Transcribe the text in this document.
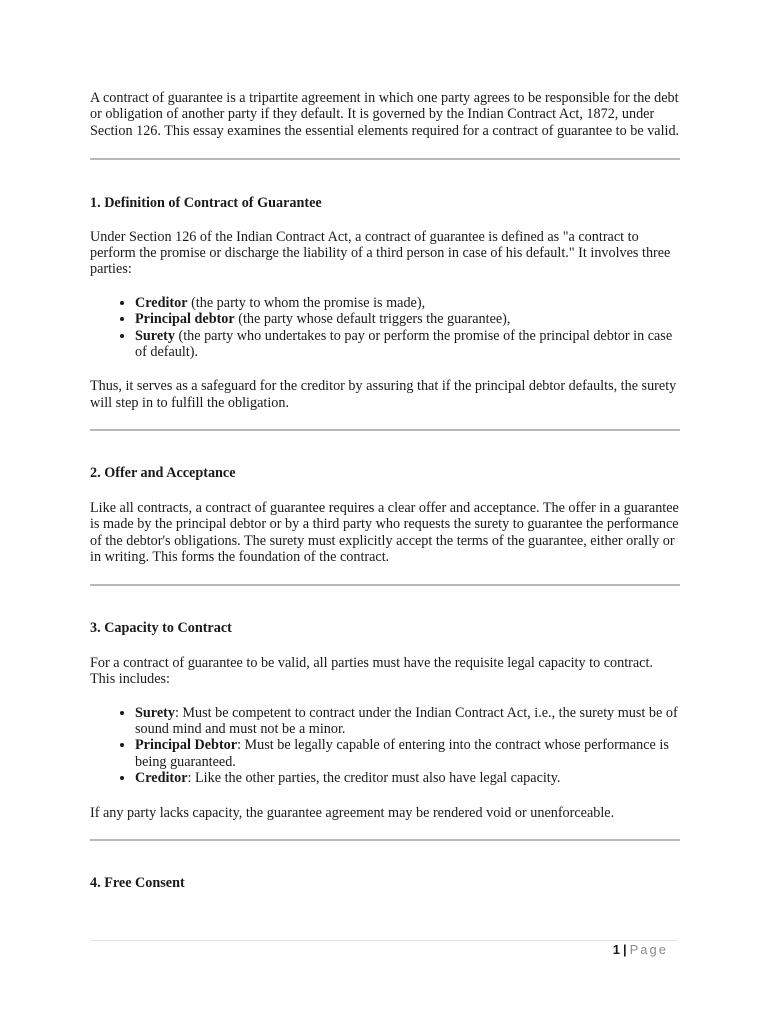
A contract of guarantee is a tripartite agreement in which one party agrees to be responsible for the debt or obligation of another party if they default. It is governed by the Indian Contract Act, 1872, under Section 126. This essay examines the essential elements required for a contract of guarantee to be valid.

1. Definition of Contract of Guarantee

Under Section 126 of the Indian Contract Act, a contract of guarantee is defined as "a contract to perform the promise or discharge the liability of a third person in case of his default." It involves three parties:

• Creditor (the party to whom the promise is made),
• Principal debtor (the party whose default triggers the guarantee),
• Surety (the party who undertakes to pay or perform the promise of the principal debtor in case of default).

Thus, it serves as a safeguard for the creditor by assuring that if the principal debtor defaults, the surety will step in to fulfill the obligation.

2. Offer and Acceptance

Like all contracts, a contract of guarantee requires a clear offer and acceptance. The offer in a guarantee is made by the principal debtor or by a third party who requests the surety to guarantee the performance of the debtor's obligations. The surety must explicitly accept the terms of the guarantee, either orally or in writing. This forms the foundation of the contract.

3. Capacity to Contract

For a contract of guarantee to be valid, all parties must have the requisite legal capacity to contract. This includes:

• Surety: Must be competent to contract under the Indian Contract Act, i.e., the surety must be of sound mind and must not be a minor.
• Principal Debtor: Must be legally capable of entering into the contract whose performance is being guaranteed.
• Creditor: Like the other parties, the creditor must also have legal capacity.

If any party lacks capacity, the guarantee agreement may be rendered void or unenforceable.

4. Free Consent
1 | Page
